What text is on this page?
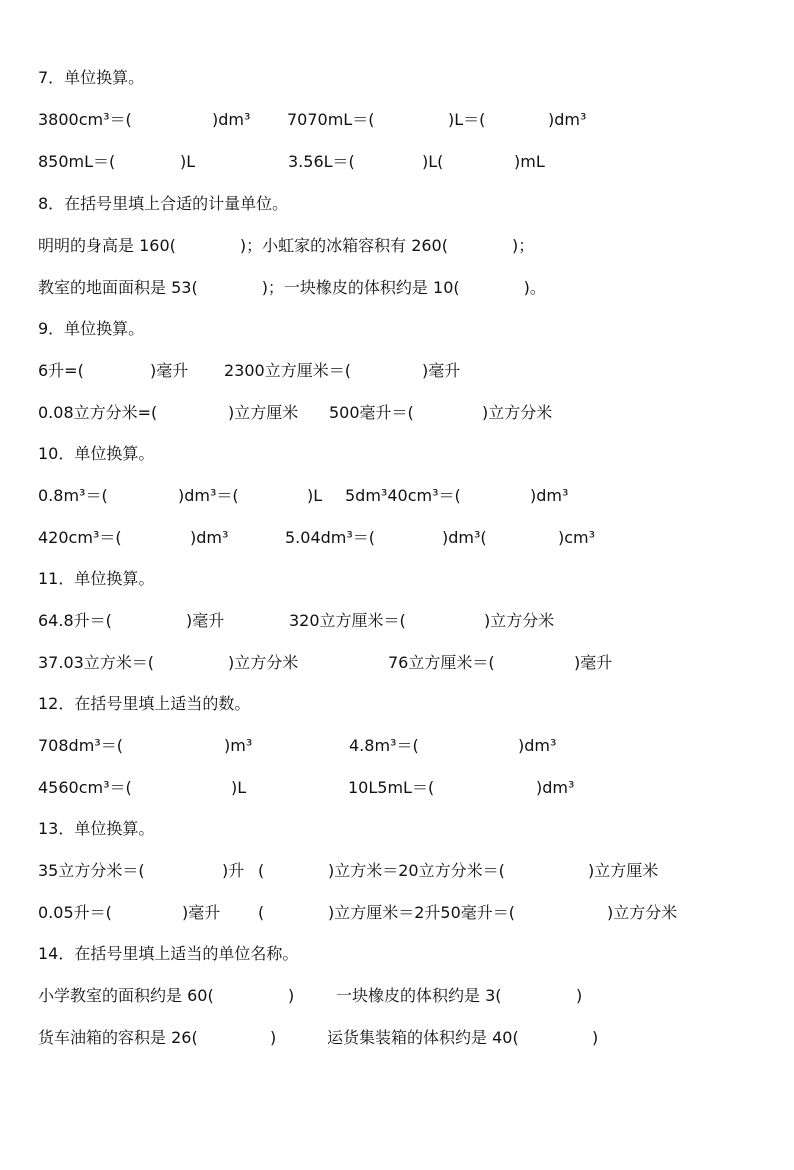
7．单位换算。

3800cm³＝(

　　　　)dm³

7070mL＝(

　　　　)L＝(

　　　　)dm³

850mL＝(

　　　　)L

	3.56L＝(

　　　　)L(

　　　　)mL

8．在括号里填上合适的计量单位。
明明的身高是 160(　　　　)；小虹家的冰箱容积有 260(　　　　)；
教室的地面面积是 53(　　　　)；一块橡皮的体积约是 10(　　　　)。
9．单位换算。

6升=(

　　　　)毫升

2300立方厘米＝(

　　　　)毫升

0.08立方分米=(

　　　　)立方厘米

500毫升＝(

　　　　)立方分米

10．单位换算。

0.8m³＝(

　　　　)dm³＝(

　　　　)L

5dm³40cm³＝(

　　　　)dm³

420cm³＝(

　　　　)dm³

	5.04dm³＝(

　　　　)dm³(

　　　　)cm³

11．单位换算。

64.8升＝(

　　　　)毫升

	320立方厘米＝(

　　　　)立方分米

37.03立方米＝(

　　　　)立方分米

	76立方厘米＝(

　　　　)毫升

12．在括号里填上适当的数。

708dm³＝(

　　　　　　)m³

	4.8m³＝(

　　　　　　)dm³

4560cm³＝(

　　　　　　)L

	10L5mL＝(

　　　　　　)dm³

13．单位换算。

35立方分米＝(

　　　　)升

(

　　　　)立方米＝20立方分米＝(

　　　　)立方厘米

0.05升＝(

　　　　)毫升

(

　　　　)立方厘米＝2升50毫升＝(

　　　　)立方分米

14．在括号里填上适当的单位名称。

小学教室的面积约是 60(

　　　　)

	一块橡皮的体积约是 3(

　　　　)

货车油箱的容积是 26(

　　　　)

	运货集装箱的体积约是 40(

　　　　)
